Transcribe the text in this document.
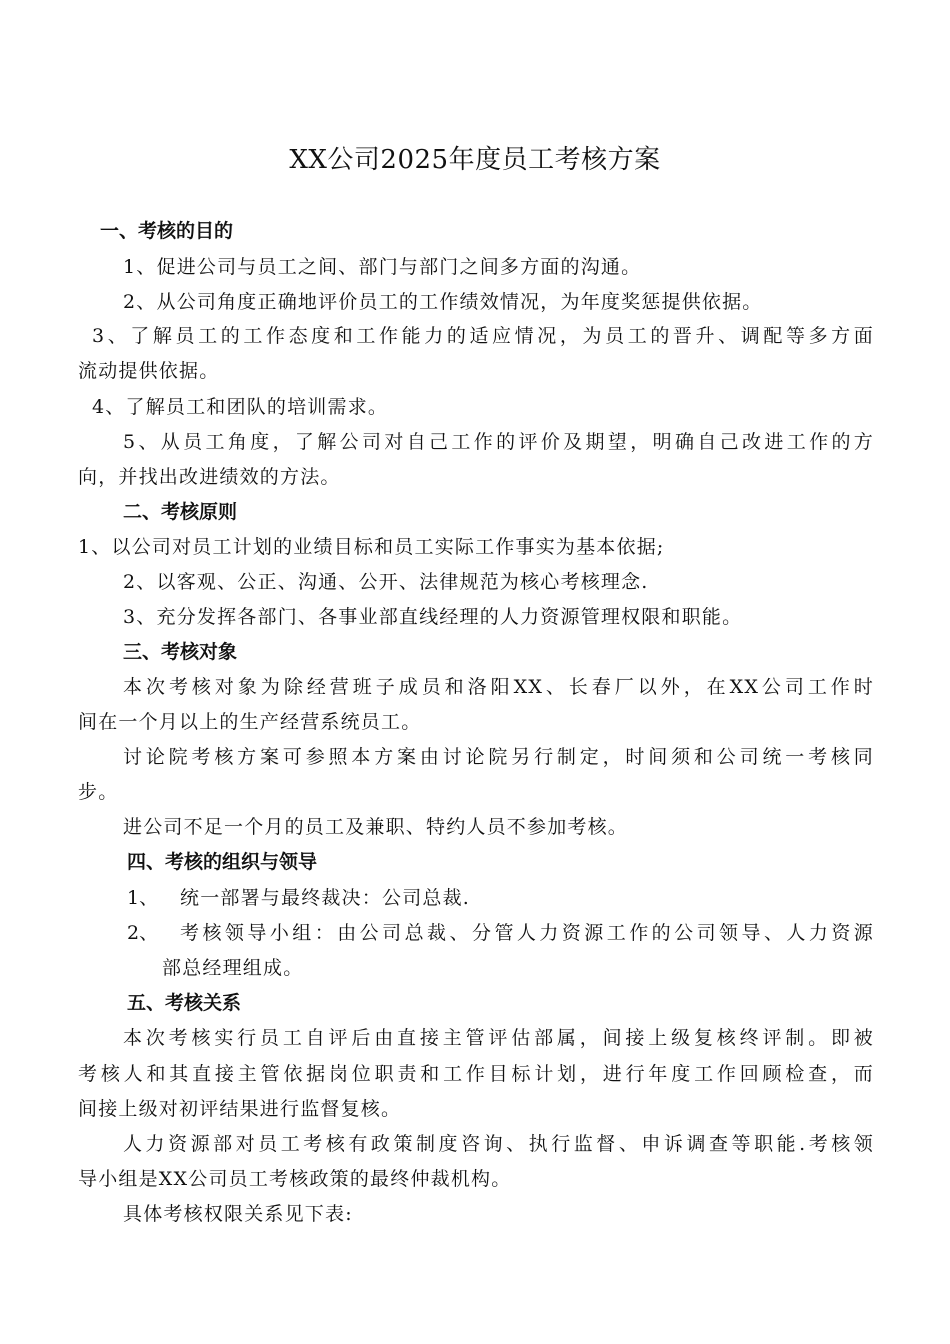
XX公司2025年度员工考核方案
一、考核的目的
1、促进公司与员工之间、部门与部门之间多方面的沟通。
2、从公司角度正确地评价员工的工作绩效情况，为年度奖惩提供依据。
3、了解员工的工作态度和工作能力的适应情况，为员工的晋升、调配等多方面
流动提供依据。
4、了解员工和团队的培训需求。
5、从员工角度，了解公司对自己工作的评价及期望，明确自己改进工作的方
向，并找出改进绩效的方法。
二、考核原则
1、以公司对员工计划的业绩目标和员工实际工作事实为基本依据;
2、以客观、公正、沟通、公开、法律规范为核心考核理念.
3、充分发挥各部门、各事业部直线经理的人力资源管理权限和职能。
三、考核对象
本次考核对象为除经营班子成员和洛阳XX、长春厂以外，在XX公司工作时
间在一个月以上的生产经营系统员工。
讨论院考核方案可参照本方案由讨论院另行制定，时间须和公司统一考核同
步。
进公司不足一个月的员工及兼职、特约人员不参加考核。
四、考核的组织与领导
1、 统一部署与最终裁决：公司总裁.
2、 考核领导小组：由公司总裁、分管人力资源工作的公司领导、人力资源
部总经理组成。
五、考核关系
本次考核实行员工自评后由直接主管评估部属，间接上级复核终评制。即被
考核人和其直接主管依据岗位职责和工作目标计划，进行年度工作回顾检查，而
间接上级对初评结果进行监督复核。
人力资源部对员工考核有政策制度咨询、执行监督、申诉调查等职能.考核领
导小组是XX公司员工考核政策的最终仲裁机构。
具体考核权限关系见下表:
